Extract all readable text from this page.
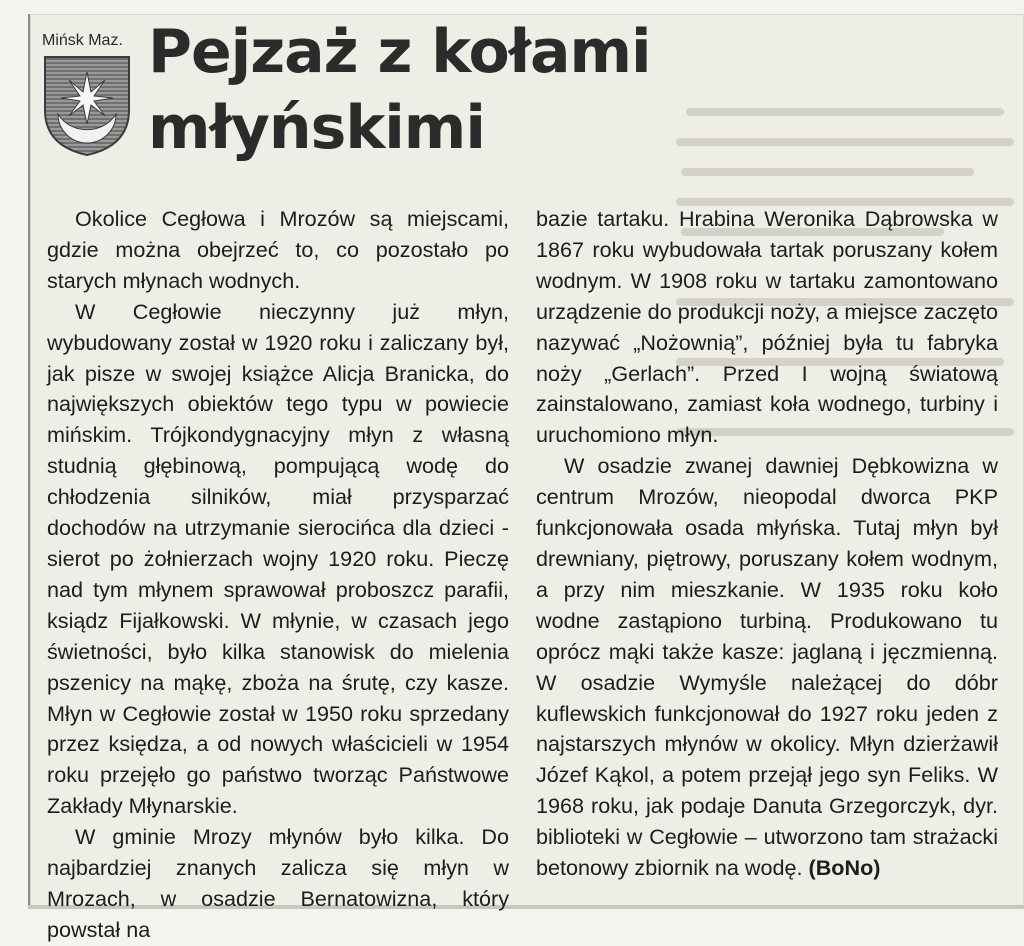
Mińsk Maz. Pejzaż z kołami
młyńskimi

Okolice Cegłowa i Mrozów są miejscami, gdzie można obejrzeć to, co pozostało po starych młynach wodnych.

W Cegłowie nieczynny już młyn, wybudowany został w 1920 roku i zaliczany był, jak pisze w swojej książce Alicja Branicka, do największych obiektów tego typu w powiecie mińskim. Trójkondygnacyjny młyn z własną studnią głębinową, pompującą wodę do chłodzenia silników, miał przysparzać dochodów na utrzymanie sierocińca dla dzieci - sierot po żołnierzach wojny 1920 roku. Pieczę nad tym młynem sprawował proboszcz parafii, ksiądz Fijałkowski. W młynie, w czasach jego świetności, było kilka stanowisk do mielenia pszenicy na mąkę, zboża na śrutę, czy kasze. Młyn w Cegłowie został w 1950 roku sprzedany przez księdza, a od nowych właścicieli w 1954 roku przejęło go państwo tworząc Państwowe Zakłady Młynarskie.

W gminie Mrozy młynów było kilka. Do najbardziej znanych zalicza się młyn w Mrozach, w osadzie Bernatowizna, który powstał na

bazie tartaku. Hrabina Weronika Dąbrowska w 1867 roku wybudowała tartak poruszany kołem wodnym. W 1908 roku w tartaku zamontowano urządzenie do produkcji noży, a miejsce zaczęto nazywać „Nożownią”, później była tu fabryka noży „Gerlach”. Przed I wojną światową zainstalowano, zamiast koła wodnego, turbiny i uruchomiono młyn.

W osadzie zwanej dawniej Dębkowizna w centrum Mrozów, nieopodal dworca PKP funkcjonowała osada młyńska. Tutaj młyn był drewniany, piętrowy, poruszany kołem wodnym, a przy nim mieszkanie. W 1935 roku koło wodne zastąpiono turbiną. Produkowano tu oprócz mąki także kasze: jaglaną i jęczmienną. W osadzie Wymyśle należącej do dóbr kuflewskich funkcjonował do 1927 roku jeden z najstarszych młynów w okolicy. Młyn dzierżawił Józef Kąkol, a potem przejął jego syn Feliks. W 1968 roku, jak podaje Danuta Grzegorczyk, dyr. biblioteki w Cegłowie – utworzono tam strażacki betonowy zbiornik na wodę. (BoNo)
